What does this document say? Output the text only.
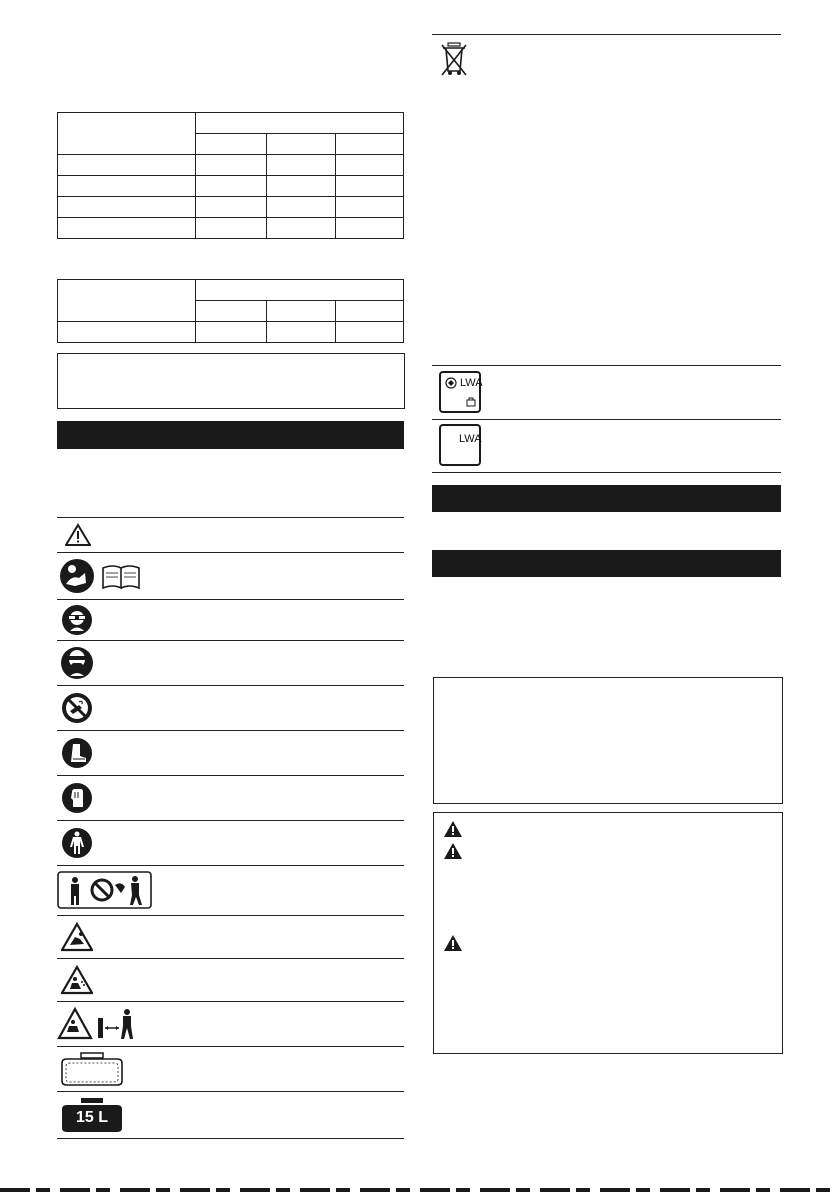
15 L
LWA
LWA
